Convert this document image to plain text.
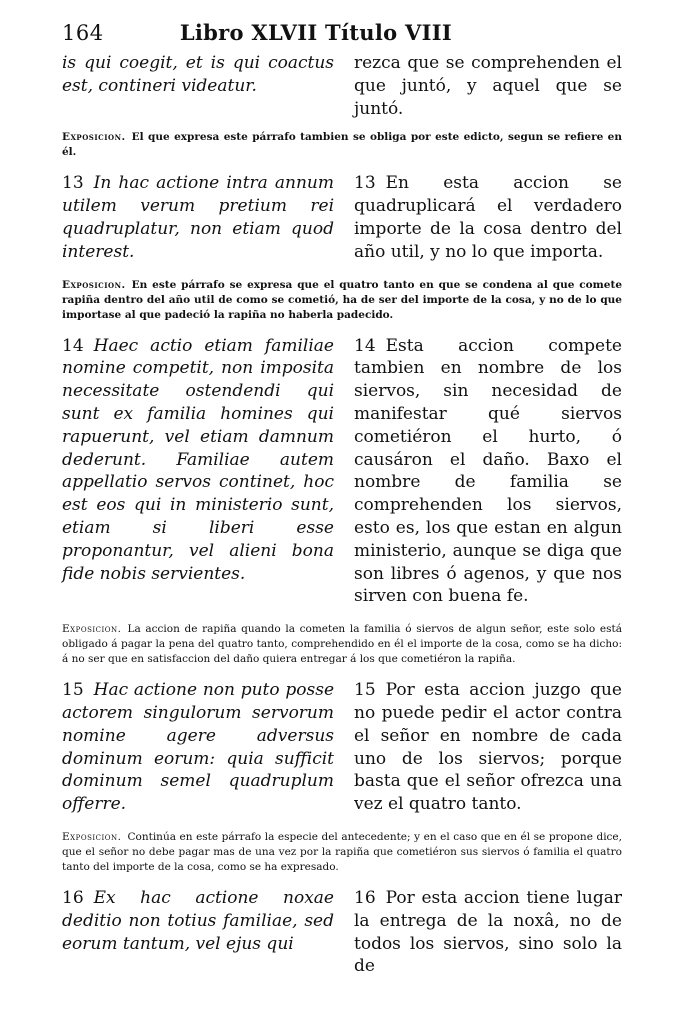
164	Libro XLVII Título VIII
is qui coegit, et is qui coactus est, contineri videatur.
rezca que se comprehenden el que juntó, y aquel que se juntó.
Exposicion. El que expresa este párrafo tambien se obliga por este edicto, segun se refiere en él.
13 In hac actione intra annum utilem verum pretium rei quadruplatur, non etiam quod interest.
13 En esta accion se quadruplicará el verdadero importe de la cosa dentro del año util, y no lo que importa.
Exposicion. En este párrafo se expresa que el quatro tanto en que se condena al que comete rapiña dentro del año util de como se cometió, ha de ser del importe de la cosa, y no de lo que importase al que padeció la rapiña no haberla padecido.
14 Haec actio etiam familiae nomine competit, non imposita necessitate ostendendi qui sunt ex familia homines qui rapuerunt, vel etiam damnum dederunt. Familiae autem appellatio servos continet, hoc est eos qui in ministerio sunt, etiam si liberi esse proponantur, vel alieni bona fide nobis servientes.
14 Esta accion compete tambien en nombre de los siervos, sin necesidad de manifestar qué siervos cometiéron el hurto, ó causáron el daño. Baxo el nombre de familia se comprehenden los siervos, esto es, los que estan en algun ministerio, aunque se diga que son libres ó agenos, y que nos sirven con buena fe.
Exposicion. La accion de rapiña quando la cometen la familia ó siervos de algun señor, este solo está obligado á pagar la pena del quatro tanto, comprehendido en él el importe de la cosa, como se ha dicho: á no ser que en satisfaccion del daño quiera entregar á los que cometiéron la rapiña.
15 Hac actione non puto posse actorem singulorum servorum nomine agere adversus dominum eorum: quia sufficit dominum semel quadruplum offerre.
15 Por esta accion juzgo que no puede pedir el actor contra el señor en nombre de cada uno de los siervos; porque basta que el señor ofrezca una vez el quatro tanto.
Exposicion. Continúa en este párrafo la especie del antecedente; y en el caso que en él se propone dice, que el señor no debe pagar mas de una vez por la rapiña que cometiéron sus siervos ó familia el quatro tanto del importe de la cosa, como se ha expresado.
16 Ex hac actione noxae deditio non totius familiae, sed eorum tantum, vel ejus qui
16 Por esta accion tiene lugar la entrega de la noxâ, no de todos los siervos, sino solo la de
